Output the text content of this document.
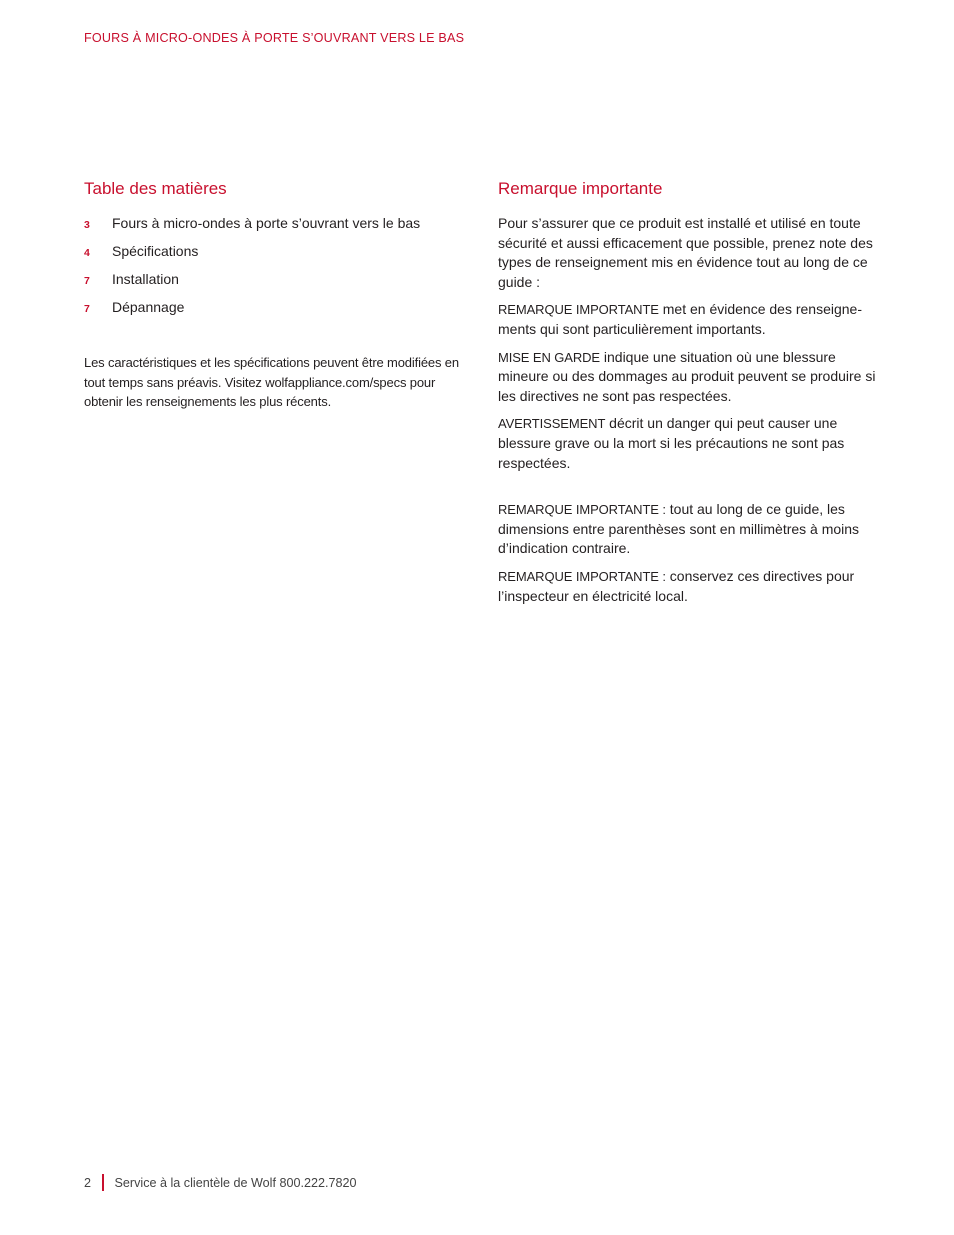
FOURS À MICRO-ONDES À PORTE S’OUVRANT VERS LE BAS
Table des matières
3	Fours à micro-ondes à porte s’ouvrant vers le bas
4	Spécifications
7	Installation
7	Dépannage

Les caractéristiques et les spécifications peuvent être modifiées en tout temps sans préavis. Visitez wolfappliance.com/specs pour obtenir les renseignements les plus récents.

Remarque importante

Pour s’assurer que ce produit est installé et utilisé en toute sécurité et aussi efficacement que possible, prenez note des types de renseignement mis en évidence tout au long de ce guide :

REMARQUE IMPORTANTE met en évidence des renseignements qui sont particulièrement importants.

MISE EN GARDE indique une situation où une blessure mineure ou des dommages au produit peuvent se produire si les directives ne sont pas respectées.

AVERTISSEMENT décrit un danger qui peut causer une blessure grave ou la mort si les précautions ne sont pas respectées.

REMARQUE IMPORTANTE : tout au long de ce guide, les dimensions entre parenthèses sont en millimètres à moins d’indication contraire.

REMARQUE IMPORTANTE : conservez ces directives pour l’inspecteur en électricité local.

2 Service à la clientèle de Wolf 800.222.7820
